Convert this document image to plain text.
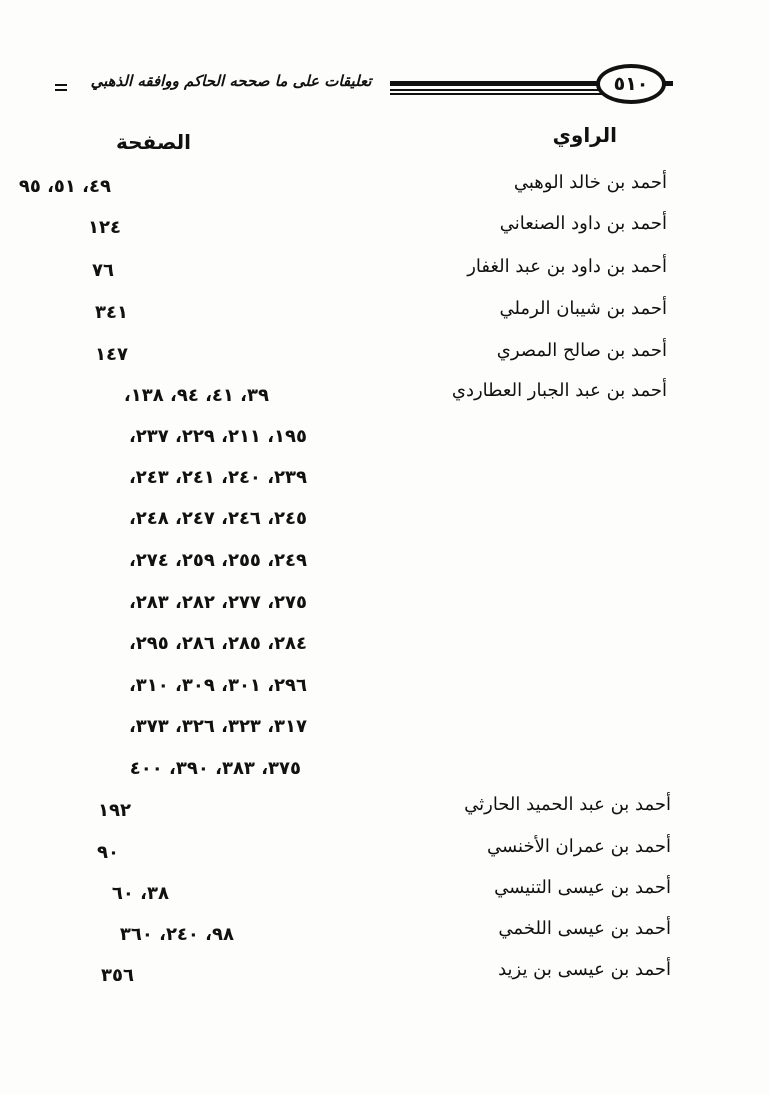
تعليقات على ما صححه الحاكم ووافقه الذهبي	٥١٠
الراوي
الصفحة
أحمد بن خالد الوهبي
٤٩، ٥١، ٩٥
أحمد بن داود الصنعاني
١٢٤
أحمد بن داود بن عبد الغفار
٧٦
أحمد بن شيبان الرملي
٣٤١
أحمد بن صالح المصري
١٤٧
أحمد بن عبد الجبار العطاردي
٣٩، ٤١، ٩٤، ١٣٨،
١٩٥، ٢١١، ٢٢٩، ٢٣٧،
٢٣٩، ٢٤٠، ٢٤١، ٢٤٣،
٢٤٥، ٢٤٦، ٢٤٧، ٢٤٨،
٢٤٩، ٢٥٥، ٢٥٩، ٢٧٤،
٢٧٥، ٢٧٧، ٢٨٢، ٢٨٣،
٢٨٤، ٢٨٥، ٢٨٦، ٢٩٥،
٢٩٦، ٣٠١، ٣٠٩، ٣١٠،
٣١٧، ٣٢٣، ٣٢٦، ٣٧٣،
٣٧٥، ٣٨٣، ٣٩٠، ٤٠٠
أحمد بن عبد الحميد الحارثي
١٩٢
أحمد بن عمران الأخنسي
٩٠
أحمد بن عيسى التنيسي
٣٨، ٦٠
أحمد بن عيسى اللخمي
٩٨، ٢٤٠، ٣٦٠
أحمد بن عيسى بن يزيد
٣٥٦
